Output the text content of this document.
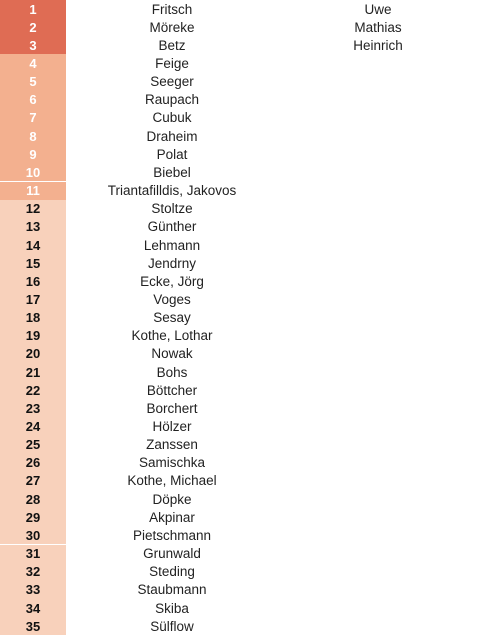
1	Fritsch	Uwe
2	Möreke	Mathias
3	Betz	Heinrich
4	Feige
5	Seeger
6	Raupach
7	Cubuk
8	Draheim
9	Polat
10	Biebel
11	Triantafilldis, Jakovos
12	Stoltze
13	Günther
14	Lehmann
15	Jendrny
16	Ecke, Jörg
17	Voges
18	Sesay
19	Kothe, Lothar
20	Nowak
21	Bohs
22	Böttcher
23	Borchert
24	Hölzer
25	Zanssen
26	Samischka
27	Kothe, Michael
28	Döpke
29	Akpinar
30	Pietschmann
31	Grunwald
32	Steding
33	Staubmann
34	Skiba
35	Sülflow
